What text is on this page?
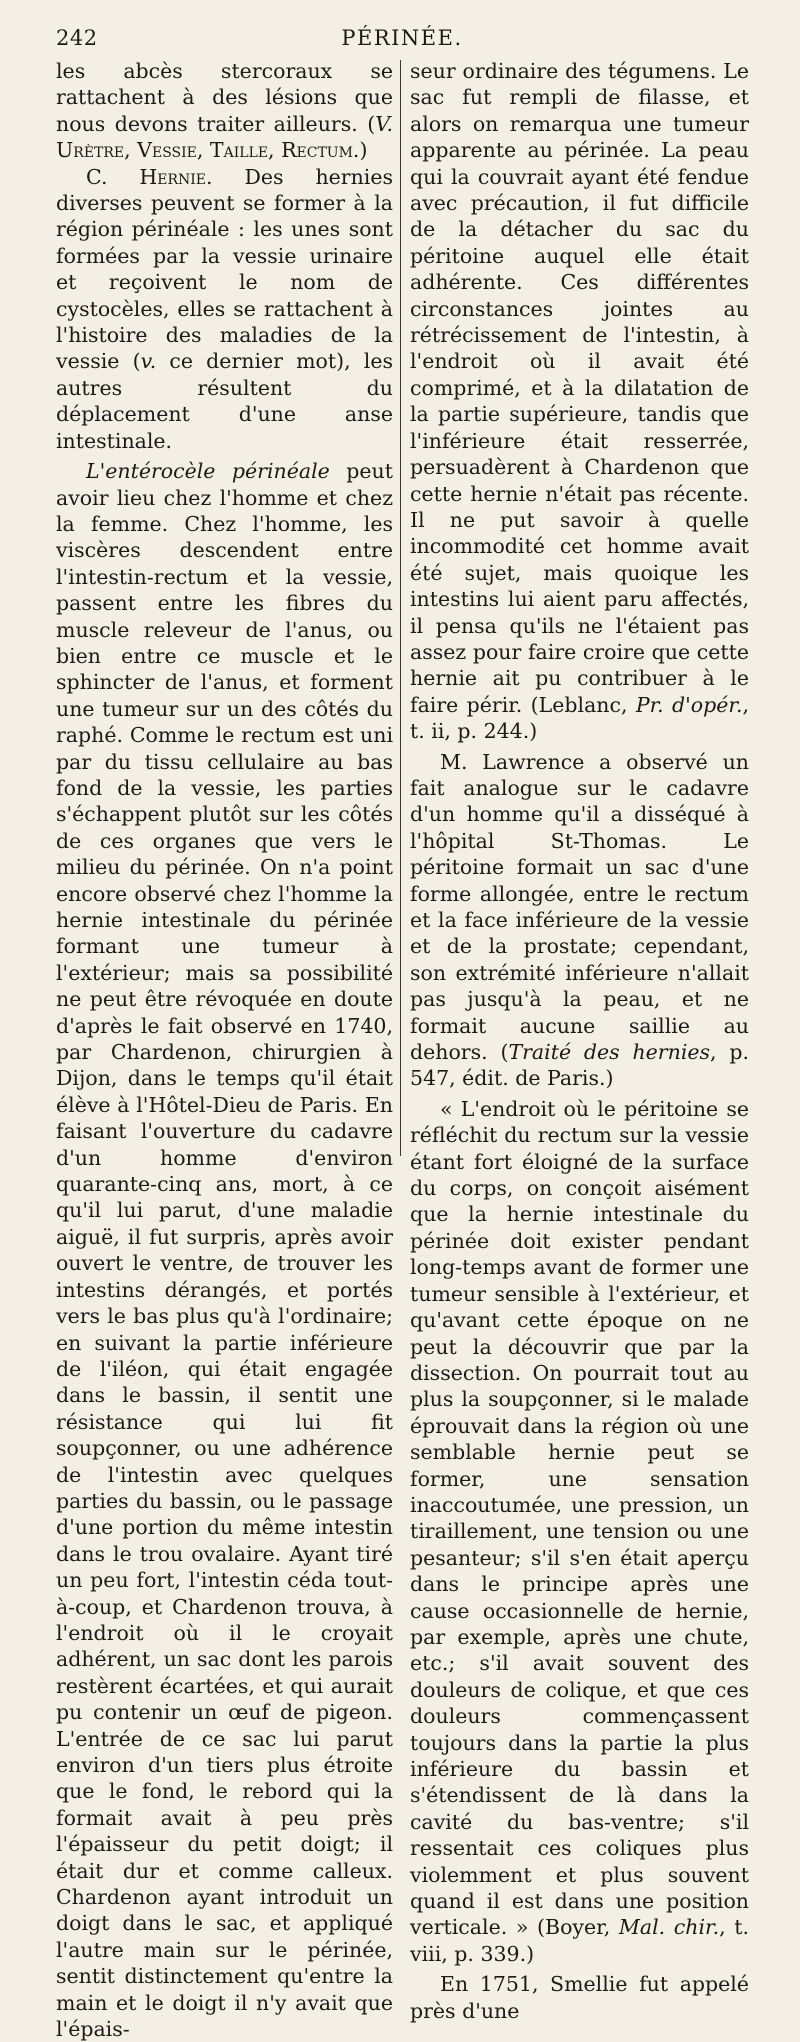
242	PÉRINÉE.

les abcès stercoraux se rattachent à des lésions que nous devons traiter ailleurs. (V. Urètre, Vessie, Taille, Rectum.)

C. Hernie. Des hernies diverses peuvent se former à la région périnéale : les unes sont formées par la vessie urinaire et reçoivent le nom de cystocèles, elles se rattachent à l'histoire des maladies de la vessie (v. ce dernier mot), les autres résultent du déplacement d'une anse intestinale.

L'entérocèle périnéale peut avoir lieu chez l'homme et chez la femme. Chez l'homme, les viscères descendent entre l'intestin-rectum et la vessie, passent entre les fibres du muscle releveur de l'anus, ou bien entre ce muscle et le sphincter de l'anus, et forment une tumeur sur un des côtés du raphé. Comme le rectum est uni par du tissu cellulaire au bas fond de la vessie, les parties s'échappent plutôt sur les côtés de ces organes que vers le milieu du périnée. On n'a point encore observé chez l'homme la hernie intestinale du périnée formant une tumeur à l'extérieur; mais sa possibilité ne peut être révoquée en doute d'après le fait observé en 1740, par Chardenon, chirurgien à Dijon, dans le temps qu'il était élève à l'Hôtel-Dieu de Paris. En faisant l'ouverture du cadavre d'un homme d'environ quarante-cinq ans, mort, à ce qu'il lui parut, d'une maladie aiguë, il fut surpris, après avoir ouvert le ventre, de trouver les intestins dérangés, et portés vers le bas plus qu'à l'ordinaire; en suivant la partie inférieure de l'iléon, qui était engagée dans le bassin, il sentit une résistance qui lui fit soupçonner, ou une adhérence de l'intestin avec quelques parties du bassin, ou le passage d'une portion du même intestin dans le trou ovalaire. Ayant tiré un peu fort, l'intestin céda tout-à-coup, et Chardenon trouva, à l'endroit où il le croyait adhérent, un sac dont les parois restèrent écartées, et qui aurait pu contenir un œuf de pigeon. L'entrée de ce sac lui parut environ d'un tiers plus étroite que le fond, le rebord qui la formait avait à peu près l'épaisseur du petit doigt; il était dur et comme calleux. Chardenon ayant introduit un doigt dans le sac, et appliqué l'autre main sur le périnée, sentit distinctement qu'entre la main et le doigt il n'y avait que l'épais-

seur ordinaire des tégumens. Le sac fut rempli de filasse, et alors on remarqua une tumeur apparente au périnée. La peau qui la couvrait ayant été fendue avec précaution, il fut difficile de la détacher du sac du péritoine auquel elle était adhérente. Ces différentes circonstances jointes au rétrécissement de l'intestin, à l'endroit où il avait été comprimé, et à la dilatation de la partie supérieure, tandis que l'inférieure était resserrée, persuadèrent à Chardenon que cette hernie n'était pas récente. Il ne put savoir à quelle incommodité cet homme avait été sujet, mais quoique les intestins lui aient paru affectés, il pensa qu'ils ne l'étaient pas assez pour faire croire que cette hernie ait pu contribuer à le faire périr. (Leblanc, Pr. d'opér., t. ii, p. 244.)

M. Lawrence a observé un fait analogue sur le cadavre d'un homme qu'il a disséqué à l'hôpital St-Thomas. Le péritoine formait un sac d'une forme allongée, entre le rectum et la face inférieure de la vessie et de la prostate; cependant, son extrémité inférieure n'allait pas jusqu'à la peau, et ne formait aucune saillie au dehors. (Traité des hernies, p. 547, édit. de Paris.)

« L'endroit où le péritoine se réfléchit du rectum sur la vessie étant fort éloigné de la surface du corps, on conçoit aisément que la hernie intestinale du périnée doit exister pendant long-temps avant de former une tumeur sensible à l'extérieur, et qu'avant cette époque on ne peut la découvrir que par la dissection. On pourrait tout au plus la soupçonner, si le malade éprouvait dans la région où une semblable hernie peut se former, une sensation inaccoutumée, une pression, un tiraillement, une tension ou une pesanteur; s'il s'en était aperçu dans le principe après une cause occasionnelle de hernie, par exemple, après une chute, etc.; s'il avait souvent des douleurs de colique, et que ces douleurs commençassent toujours dans la partie la plus inférieure du bassin et s'étendissent de là dans la cavité du bas-ventre; s'il ressentait ces coliques plus violemment et plus souvent quand il est dans une position verticale. » (Boyer, Mal. chir., t. viii, p. 339.)

En 1751, Smellie fut appelé près d'une
